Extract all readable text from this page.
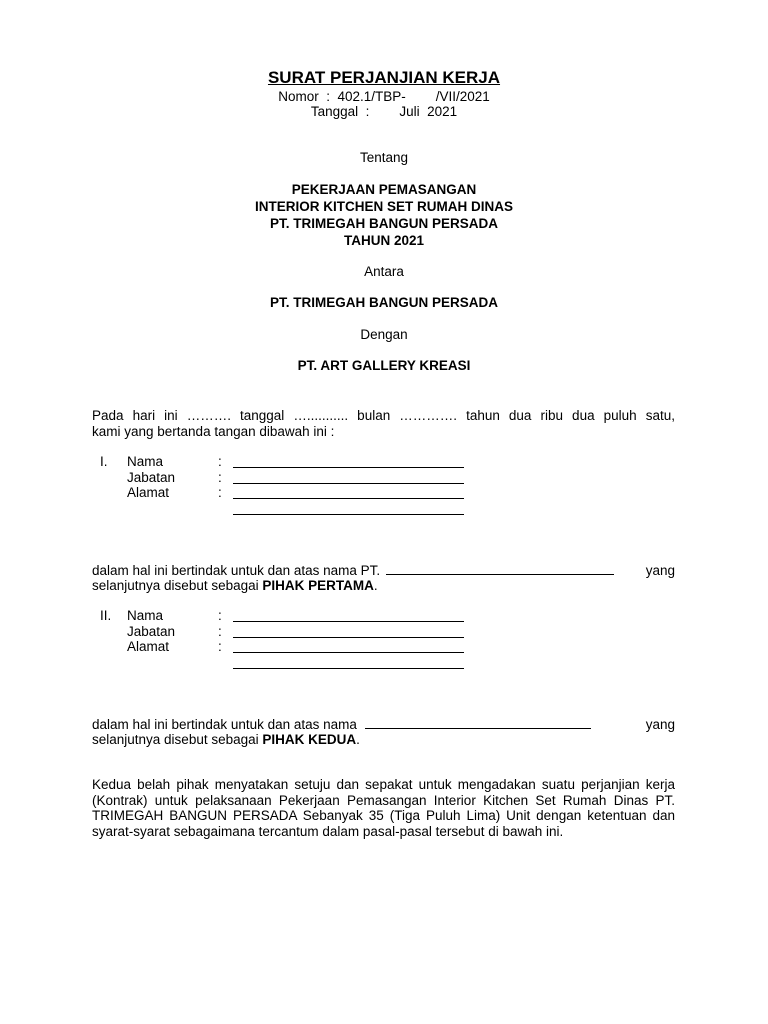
SURAT PERJANJIAN KERJA
Nomor  :  402.1/TBP-        /VII/2021
Tanggal  :        Juli  2021
Tentang
PEKERJAAN PEMASANGAN
INTERIOR KITCHEN SET RUMAH DINAS
PT. TRIMEGAH BANGUN PERSADA
TAHUN 2021
Antara
PT. TRIMEGAH BANGUN PERSADA
Dengan
PT. ART GALLERY KREASI
Pada hari ini ………. tanggal …........... bulan …………. tahun dua ribu dua puluh satu,
kami yang bertanda tangan dibawah ini :
I. Nama	:
Jabatan	:
Alamat	:
dalam hal ini bertindak untuk dan atas nama PT.	yang
selanjutnya disebut sebagai PIHAK PERTAMA.
II. Nama	:
Jabatan	:
Alamat	:
dalam hal ini bertindak untuk dan atas nama	yang
selanjutnya disebut sebagai PIHAK KEDUA.
Kedua belah pihak menyatakan setuju dan sepakat untuk mengadakan suatu perjanjian kerja
(Kontrak) untuk pelaksanaan Pekerjaan Pemasangan Interior Kitchen Set Rumah Dinas PT.
TRIMEGAH BANGUN PERSADA Sebanyak 35 (Tiga Puluh Lima) Unit dengan ketentuan dan
syarat-syarat sebagaimana tercantum dalam pasal-pasal tersebut di bawah ini.
